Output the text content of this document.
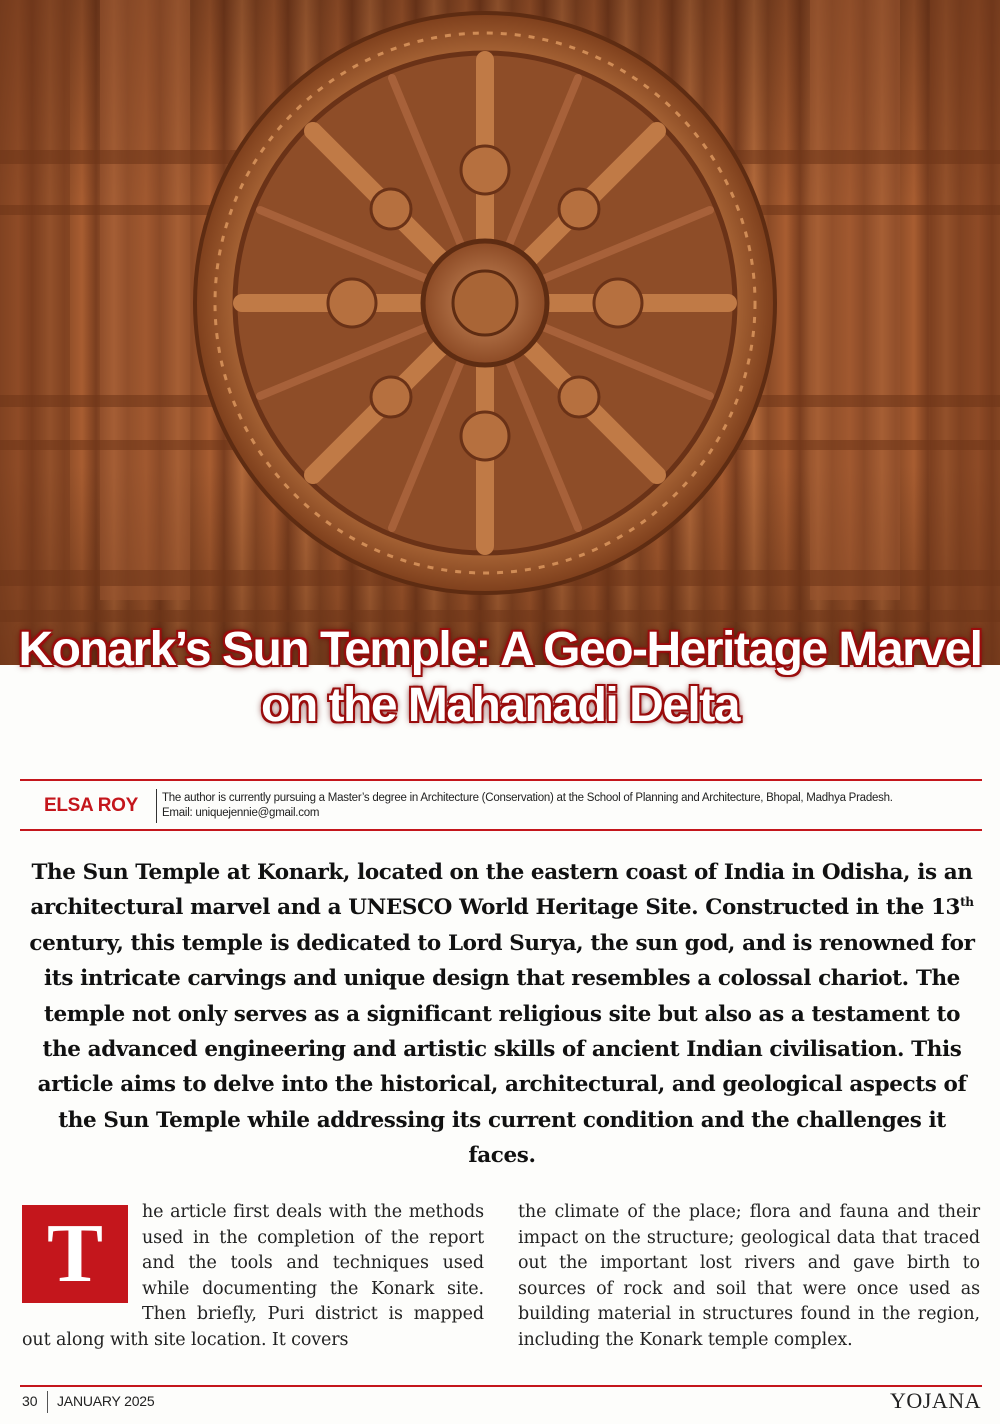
Konark’s Sun Temple: A Geo-Heritage Marvel
on the Mahanadi Delta
ELSA ROY The author is currently pursuing a Master’s degree in Architecture (Conservation) at the School of Planning and Architecture, Bhopal, Madhya Pradesh.
Email: uniquejennie@gmail.com
The Sun Temple at Konark, located on the eastern coast of India in Odisha, is an architectural marvel and a UNESCO World Heritage Site. Constructed in the 13th century, this temple is dedicated to Lord Surya, the sun god, and is renowned for its intricate carvings and unique design that resembles a colossal chariot. The temple not only serves as a significant religious site but also as a testament to the advanced engineering and artistic skills of ancient Indian civilisation. This article aims to delve into the historical, architectural, and geological aspects of the Sun Temple while addressing its current condition and the challenges it faces.
T	he article first deals with the methods used in the completion of the report and the tools and techniques used while documenting the Konark site. Then briefly, Puri district is mapped out along with site location. It covers
the climate of the place; flora and fauna and their impact on the structure; geological data that traced out the important lost rivers and gave birth to sources of rock and soil that were once used as building material in structures found in the region, including the Konark temple complex.
30 JANUARY 2025	YOJANA
